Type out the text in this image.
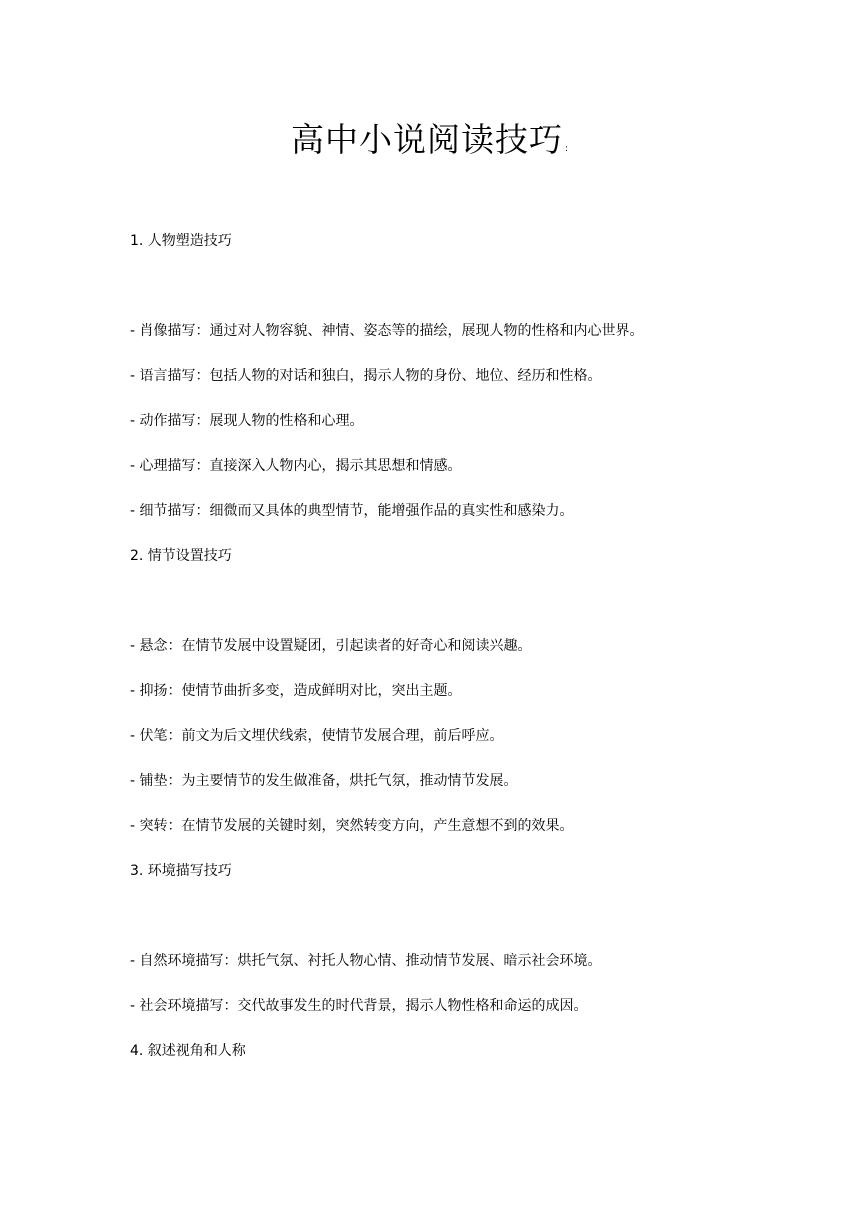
高中小说阅读技巧 :
1. 人物塑造技巧
- 肖像描写：通过对人物容貌、神情、姿态等的描绘，展现人物的性格和内心世界。
- 语言描写：包括人物的对话和独白，揭示人物的身份、地位、经历和性格。
- 动作描写：展现人物的性格和心理。
- 心理描写：直接深入人物内心，揭示其思想和情感。
- 细节描写：细微而又具体的典型情节，能增强作品的真实性和感染力。
2. 情节设置技巧
- 悬念：在情节发展中设置疑团，引起读者的好奇心和阅读兴趣。
- 抑扬：使情节曲折多变，造成鲜明对比，突出主题。
- 伏笔：前文为后文埋伏线索，使情节发展合理，前后呼应。
- 铺垫：为主要情节的发生做准备，烘托气氛，推动情节发展。
- 突转：在情节发展的关键时刻，突然转变方向，产生意想不到的效果。
3. 环境描写技巧
- 自然环境描写：烘托气氛、衬托人物心情、推动情节发展、暗示社会环境。
- 社会环境描写：交代故事发生的时代背景，揭示人物性格和命运的成因。
4. 叙述视角和人称
